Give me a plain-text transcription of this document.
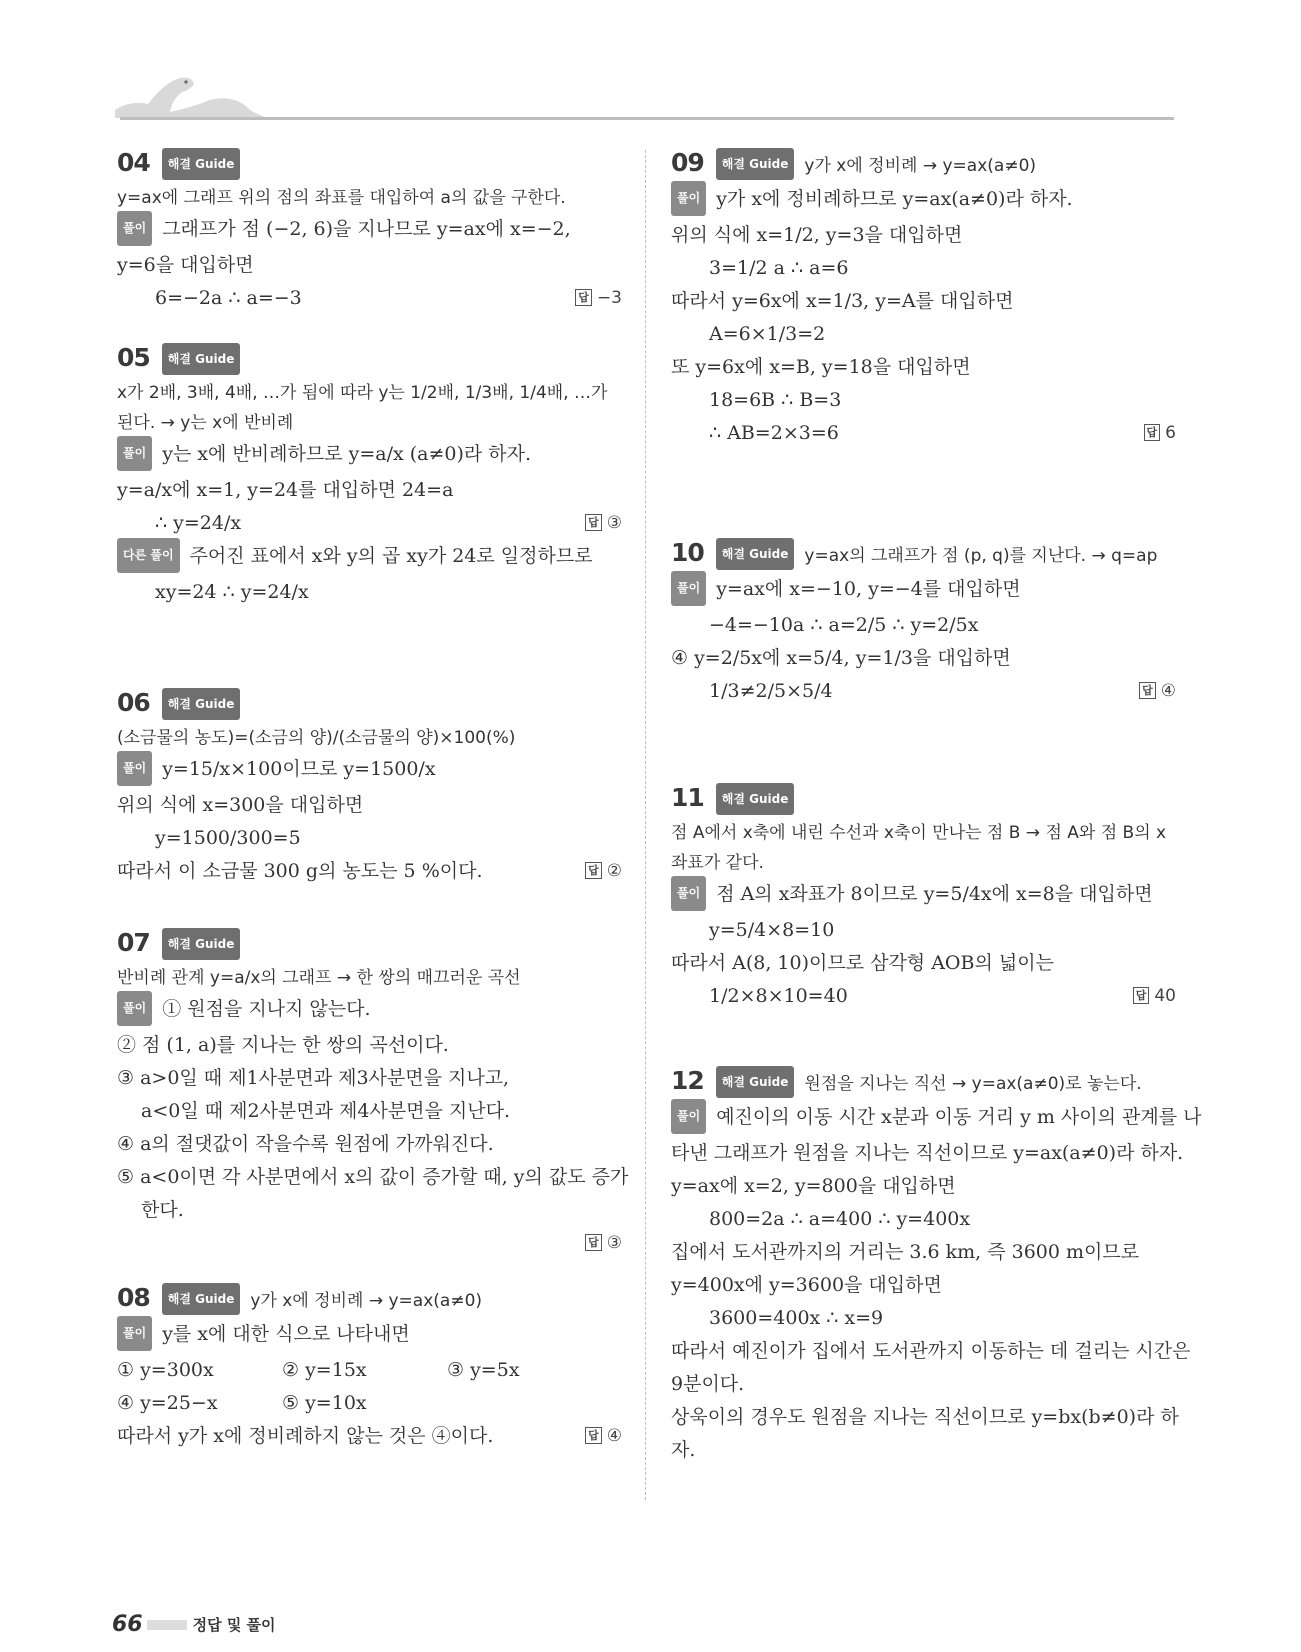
04	해결 Guide
y=ax에 그래프 위의 점의 좌표를 대입하여 a의 값을 구한다.
풀이 그래프가 점 (−2, 6)을 지나므로 y=ax에 x=−2,
y=6을 대입하면
6=−2a ∴ a=−3	답 −3
05	해결 Guide
x가 2배, 3배, 4배, …가 됨에 따라 y는 1/2배, 1/3배, 1/4배, …가 된다. → y는 x에 반비례
풀이 y는 x에 반비례하므로 y=a/x (a≠0)라 하자.
y=a/x에 x=1, y=24를 대입하면 24=a
∴ y=24/x	답 ③
다른 풀이 주어진 표에서 x와 y의 곱 xy가 24로 일정하므로
xy=24 ∴ y=24/x
06	해결 Guide
(소금물의 농도)=(소금의 양)/(소금물의 양)×100(%)
풀이 y=15/x×100이므로 y=1500/x
위의 식에 x=300을 대입하면
y=1500/300=5
따라서 이 소금물 300 g의 농도는 5 %이다.	답 ②
07	해결 Guide
반비례 관계 y=a/x의 그래프 → 한 쌍의 매끄러운 곡선
풀이 ① 원점을 지나지 않는다.
② 점 (1, a)를 지나는 한 쌍의 곡선이다.
③ a>0일 때 제1사분면과 제3사분면을 지나고,
a<0일 때 제2사분면과 제4사분면을 지난다.
④ a의 절댓값이 작을수록 원점에 가까워진다.
⑤ a<0이면 각 사분면에서 x의 값이 증가할 때, y의 값도 증가
한다.
답 ③
08	해결 Guide y가 x에 정비례 → y=ax(a≠0)
풀이 y를 x에 대한 식으로 나타내면
① y=300x	② y=15x	③ y=5x
④ y=25−x	⑤ y=10x
따라서 y가 x에 정비례하지 않는 것은 ④이다.	답 ④
09	해결 Guide y가 x에 정비례 → y=ax(a≠0)
풀이 y가 x에 정비례하므로 y=ax(a≠0)라 하자.
위의 식에 x=1/2, y=3을 대입하면
3=1/2 a ∴ a=6
따라서 y=6x에 x=1/3, y=A를 대입하면
A=6×1/3=2
또 y=6x에 x=B, y=18을 대입하면
18=6B ∴ B=3
∴ AB=2×3=6	답 6
10	해결 Guide y=ax의 그래프가 점 (p, q)를 지난다. → q=ap
풀이 y=ax에 x=−10, y=−4를 대입하면
−4=−10a ∴ a=2/5 ∴ y=2/5x
④ y=2/5x에 x=5/4, y=1/3을 대입하면
1/3≠2/5×5/4	답 ④
11	해결 Guide
점 A에서 x축에 내린 수선과 x축이 만나는 점 B → 점 A와 점 B의 x좌표가 같다.
풀이 점 A의 x좌표가 8이므로 y=5/4x에 x=8을 대입하면
y=5/4×8=10
따라서 A(8, 10)이므로 삼각형 AOB의 넓이는
1/2×8×10=40	답 40
12	해결 Guide 원점을 지나는 직선 → y=ax(a≠0)로 놓는다.
풀이 예진이의 이동 시간 x분과 이동 거리 y m 사이의 관계를 나
타낸 그래프가 원점을 지나는 직선이므로 y=ax(a≠0)라 하자.
y=ax에 x=2, y=800을 대입하면
800=2a ∴ a=400 ∴ y=400x
집에서 도서관까지의 거리는 3.6 km, 즉 3600 m이므로
y=400x에 y=3600을 대입하면
3600=400x ∴ x=9
따라서 예진이가 집에서 도서관까지 이동하는 데 걸리는 시간은
9분이다.
상욱이의 경우도 원점을 지나는 직선이므로 y=bx(b≠0)라 하
자.
66	정답 및 풀이
